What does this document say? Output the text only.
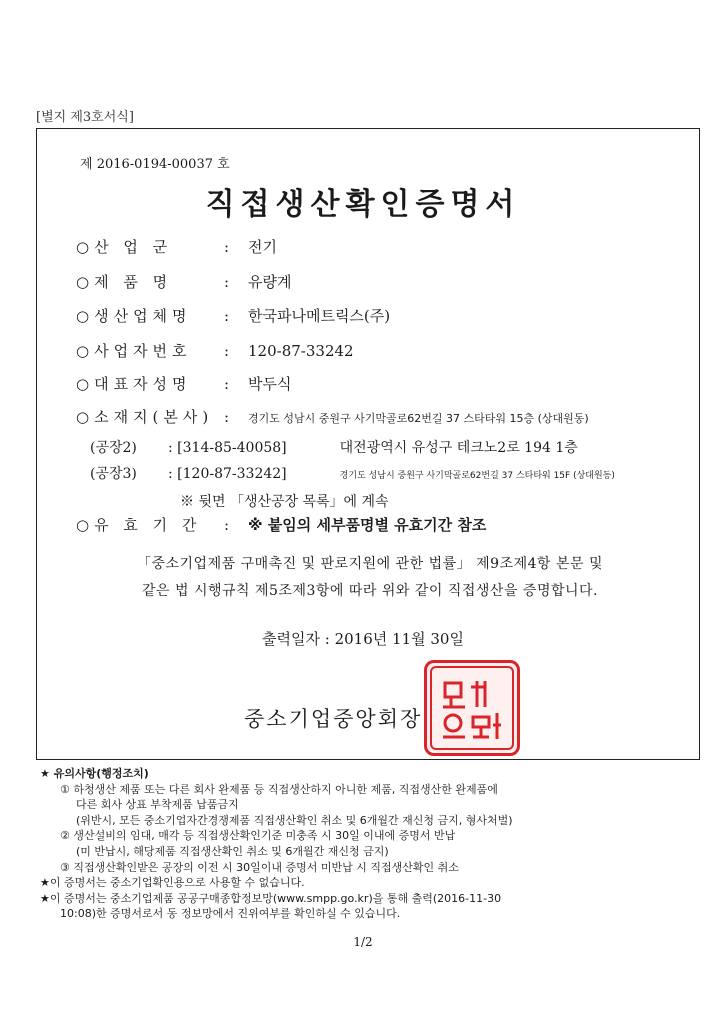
[별지 제3호서식]
제 2016-0194-00037 호
직접생산확인증명서
○산 업 군	: 전기
○제 품 명	: 유량계
○생산업체명 : 한국파나메트릭스(주)
○사업자번호 : 120-87-33242
○대표자성명 : 박두식
○소재지(본사) : 경기도 성남시 중원구 사기막골로62번길 37 스타타워 15층 (상대원동)
(공장2) : [314-85-40058]	대전광역시 유성구 테크노2로 194 1층
(공장3) : [120-87-33242]	경기도 성남시 중원구 사기막골로62번길 37 스타타워 15F (상대원동)
※ 뒷면 「생산공장 목록」에 계속
○유 효 기 간 : ※ 붙임의 세부품명별 유효기간 참조
「중소기업제품 구매촉진 및 판로지원에 관한 법률」 제9조제4항 본문 및
같은 법 시행규칙 제5조제3항에 따라 위와 같이 직접생산을 증명합니다.
출력일자 : 2016년 11월 30일
중소기업중앙회장
★ 유의사항(행정조치)
① 하청생산 제품 또는 다른 회사 완제품 등 직접생산하지 아니한 제품, 직접생산한 완제품에
다른 회사 상표 부착제품 납품금지
(위반시, 모든 중소기업자간경쟁제품 직접생산확인 취소 및 6개월간 재신청 금지, 형사처벌)
② 생산설비의 임대, 매각 등 직접생산확인기준 미충족 시 30일 이내에 증명서 반납
(미 반납시, 해당제품 직접생산확인 취소 및 6개월간 재신청 금지)
③ 직접생산확인받은 공장의 이전 시 30일이내 증명서 미반납 시 직접생산확인 취소
★이 증명서는 중소기업확인용으로 사용할 수 없습니다.
★이 증명서는 중소기업제품 공공구매종합정보망(www.smpp.go.kr)을 통해 출력(2016-11-30
10:08)한 증명서로서 동 정보망에서 진위여부를 확인하실 수 있습니다.
1/2
